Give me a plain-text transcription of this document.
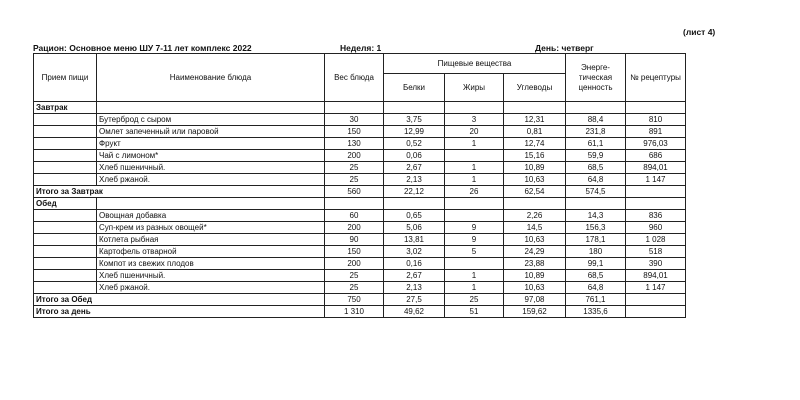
(лист 4)
Рацион: Основное меню ШУ 7-11 лет комплекс 2022	Неделя: 1	День: четверг
Прием пищи	Наименование блюда	Вес блюда	Пищевые вещества			Энерге-тическая ценность	№ рецептуры
			Белки	Жиры	Углеводы		
Завтрак							
	Бутерброд с сыром	30	3,75	3	12,31	88,4	810
	Омлет запеченный или паровой	150	12,99	20	0,81	231,8	891
	Фрукт	130	0,52	1	12,74	61,1	976,03
	Чай с лимоном*	200	0,06		15,16	59,9	686
	Хлеб пшеничный.	25	2,67	1	10,89	68,5	894,01
	Хлеб ржаной.	25	2,13	1	10,63	64,8	1 147
Итого за Завтрак		560	22,12	26	62,54	574,5	
Обед							
	Овощная добавка	60	0,65		2,26	14,3	836
	Суп-крем из разных овощей*	200	5,06	9	14,5	156,3	960
	Котлета рыбная	90	13,81	9	10,63	178,1	1 028
	Картофель отварной	150	3,02	5	24,29	180	518
	Компот из свежих плодов	200	0,16		23,88	99,1	390
	Хлеб пшеничный.	25	2,67	1	10,89	68,5	894,01
	Хлеб ржаной.	25	2,13	1	10,63	64,8	1 147
Итого за Обед		750	27,5	25	97,08	761,1	
Итого за день		1 310	49,62	51	159,62	1335,6	
